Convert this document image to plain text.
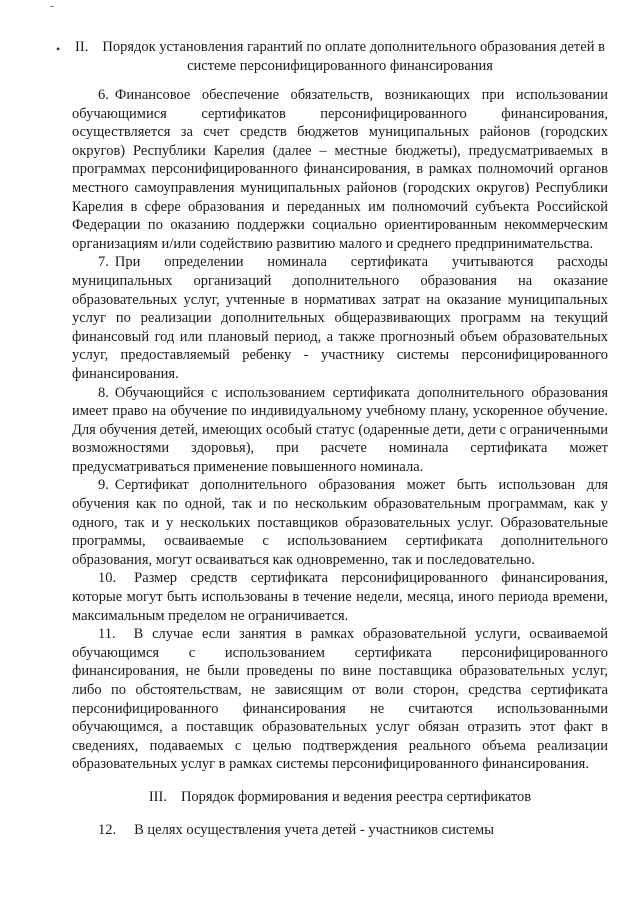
-
• II. Порядок установления гарантий по оплате дополнительного образования детей в системе персонифицированного финансирования

6. Финансовое обеспечение обязательств, возникающих при использовании обучающимися сертификатов персонифицированного финансирования, осуществляется за счет средств бюджетов муниципальных районов (городских округов) Республики Карелия (далее – местные бюджеты), предусматриваемых в программах персонифицированного финансирования, в рамках полномочий органов местного самоуправления муниципальных районов (городских округов) Республики Карелия в сфере образования и переданных им полномочий субъекта Российской Федерации по оказанию поддержки социально ориентированным некоммерческим организациям и/или содействию развитию малого и среднего предпринимательства.

7. При определении номинала сертификата учитываются расходы муниципальных организаций дополнительного образования на оказание образовательных услуг, учтенные в нормативах затрат на оказание муниципальных услуг по реализации дополнительных общеразвивающих программ на текущий финансовый год или плановый период, а также прогнозный объем образовательных услуг, предоставляемый ребенку - участнику системы персонифицированного финансирования.

8. Обучающийся с использованием сертификата дополнительного образования имеет право на обучение по индивидуальному учебному плану, ускоренное обучение. Для обучения детей, имеющих особый статус (одаренные дети, дети с ограниченными возможностями здоровья), при расчете номинала сертификата может предусматриваться применение повышенного номинала.

9. Сертификат дополнительного образования может быть использован для обучения как по одной, так и по нескольким образовательным программам, как у одного, так и у нескольких поставщиков образовательных услуг. Образовательные программы, осваиваемые с использованием сертификата дополнительного образования, могут осваиваться как одновременно, так и последовательно.

10. Размер средств сертификата персонифицированного финансирования, которые могут быть использованы в течение недели, месяца, иного периода времени, максимальным пределом не ограничивается.

11. В случае если занятия в рамках образовательной услуги, осваиваемой обучающимся с использованием сертификата персонифицированного финансирования, не были проведены по вине поставщика образовательных услуг, либо по обстоятельствам, не зависящим от воли сторон, средства сертификата персонифицированного финансирования не считаются использованными обучающимся, а поставщик образовательных услуг обязан отразить этот факт в сведениях, подаваемых с целью подтверждения реального объема реализации образовательных услуг в рамках системы персонифицированного финансирования.

III. Порядок формирования и ведения реестра сертификатов

12. В целях осуществления учета детей - участников системы
